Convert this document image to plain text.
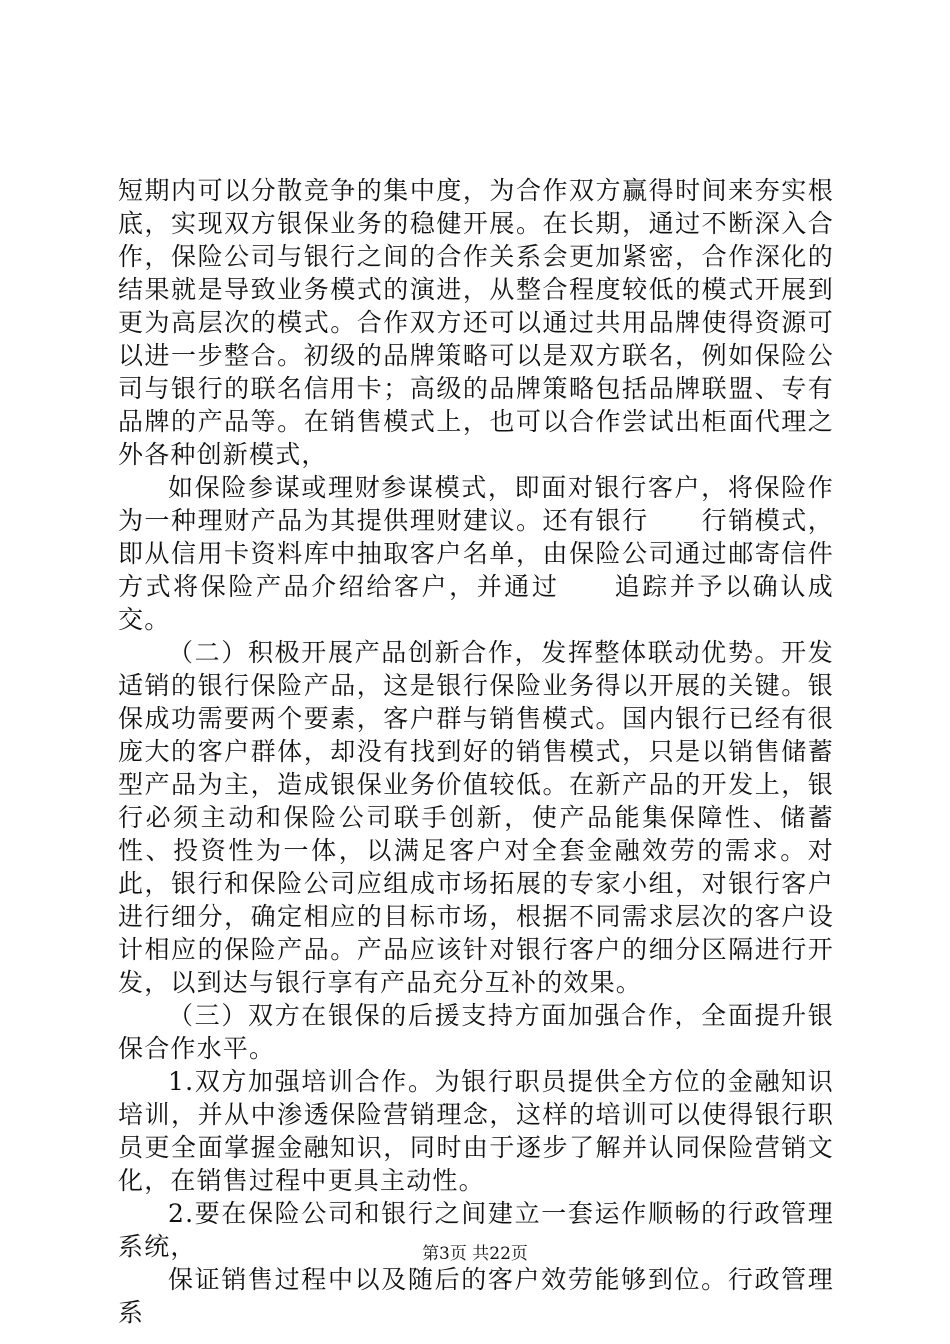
短期内可以分散竞争的集中度，为合作双方赢得时间来夯实根底，实现双方银保业务的稳健开展。在长期，通过不断深入合作，保险公司与银行之间的合作关系会更加紧密，合作深化的结果就是导致业务模式的演进，从整合程度较低的模式开展到更为高层次的模式。合作双方还可以通过共用品牌使得资源可以进一步整合。初级的品牌策略可以是双方联名，例如保险公司与银行的联名信用卡；高级的品牌策略包括品牌联盟、专有品牌的产品等。在销售模式上，也可以合作尝试出柜面代理之外各种创新模式，

如保险参谋或理财参谋模式，即面对银行客户，将保险作为一种理财产品为其提供理财建议。还有银行　　行销模式，即从信用卡资料库中抽取客户名单，由保险公司通过邮寄信件方式将保险产品介绍给客户，并通过　　追踪并予以确认成交。

（二）积极开展产品创新合作，发挥整体联动优势。开发适销的银行保险产品，这是银行保险业务得以开展的关键。银保成功需要两个要素，客户群与销售模式。国内银行已经有很庞大的客户群体，却没有找到好的销售模式，只是以销售储蓄型产品为主，造成银保业务价值较低。在新产品的开发上，银行必须主动和保险公司联手创新，使产品能集保障性、储蓄性、投资性为一体，以满足客户对全套金融效劳的需求。对此，银行和保险公司应组成市场拓展的专家小组，对银行客户进行细分，确定相应的目标市场，根据不同需求层次的客户设计相应的保险产品。产品应该针对银行客户的细分区隔进行开发，以到达与银行享有产品充分互补的效果。

（三）双方在银保的后援支持方面加强合作，全面提升银保合作水平。

1.双方加强培训合作。为银行职员提供全方位的金融知识培训，并从中渗透保险营销理念，这样的培训可以使得银行职员更全面掌握金融知识，同时由于逐步了解并认同保险营销文化，在销售过程中更具主动性。

2.要在保险公司和银行之间建立一套运作顺畅的行政管理系统，

保证销售过程中以及随后的客户效劳能够到位。行政管理系

第3页 共22页
